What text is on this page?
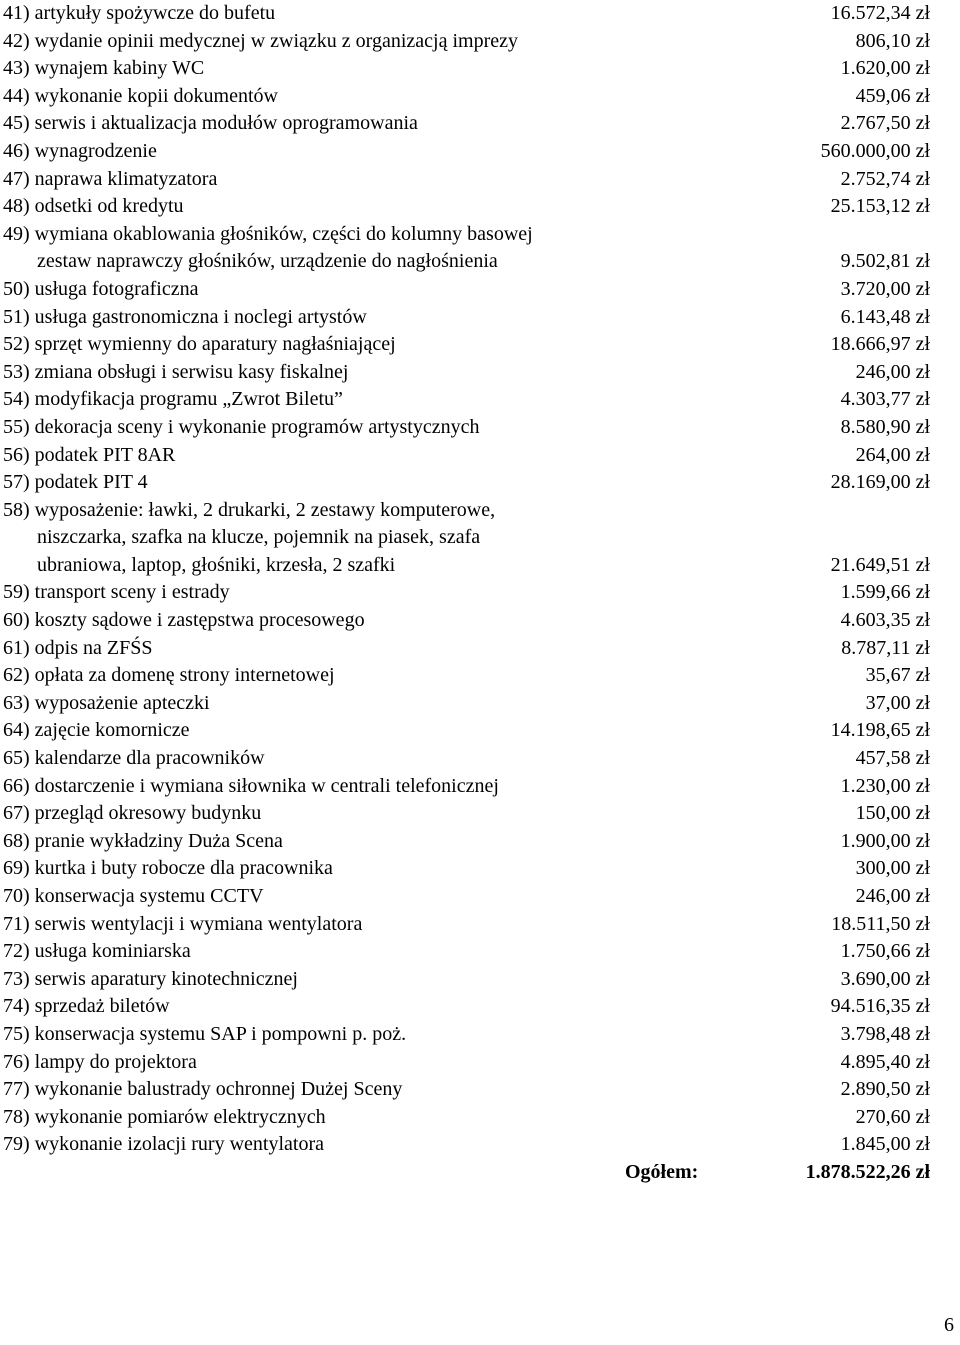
41) artykuły spożywcze do bufetu	16.572,34 zł
42) wydanie opinii medycznej w związku z organizacją imprezy	806,10 zł
43) wynajem kabiny WC	1.620,00 zł
44) wykonanie kopii dokumentów	459,06 zł
45) serwis i aktualizacja modułów oprogramowania	2.767,50 zł
46) wynagrodzenie	560.000,00 zł
47) naprawa klimatyzatora	2.752,74 zł
48) odsetki od kredytu	25.153,12 zł
49) wymiana okablowania głośników, części do kolumny basowej
zestaw naprawczy głośników, urządzenie do nagłośnienia	9.502,81 zł
50) usługa fotograficzna	3.720,00 zł
51) usługa gastronomiczna i noclegi artystów	6.143,48 zł
52) sprzęt wymienny do aparatury nagłaśniającej	18.666,97 zł
53) zmiana obsługi i serwisu kasy fiskalnej	246,00 zł
54) modyfikacja programu „Zwrot Biletu”	4.303,77 zł
55) dekoracja sceny i wykonanie programów artystycznych	8.580,90 zł
56) podatek PIT 8AR	264,00 zł
57) podatek PIT 4	28.169,00 zł
58) wyposażenie: ławki, 2 drukarki, 2 zestawy komputerowe,
niszczarka, szafka na klucze, pojemnik na piasek, szafa
ubraniowa, laptop, głośniki, krzesła, 2 szafki	21.649,51 zł
59) transport sceny i estrady	1.599,66 zł
60) koszty sądowe i zastępstwa procesowego	4.603,35 zł
61) odpis na ZFŚS	8.787,11 zł
62) opłata za domenę strony internetowej	35,67 zł
63) wyposażenie apteczki	37,00 zł
64) zajęcie komornicze	14.198,65 zł
65) kalendarze dla pracowników	457,58 zł
66) dostarczenie i wymiana siłownika w centrali telefonicznej	1.230,00 zł
67) przegląd okresowy budynku	150,00 zł
68) pranie wykładziny Duża Scena	1.900,00 zł
69) kurtka i buty robocze dla pracownika	300,00 zł
70) konserwacja systemu CCTV	246,00 zł
71) serwis wentylacji i wymiana wentylatora	18.511,50 zł
72) usługa kominiarska	1.750,66 zł
73) serwis aparatury kinotechnicznej	3.690,00 zł
74) sprzedaż biletów	94.516,35 zł
75) konserwacja systemu SAP i pompowni p. poż.	3.798,48 zł
76) lampy do projektora	4.895,40 zł
77) wykonanie balustrady ochronnej Dużej Sceny	2.890,50 zł
78) wykonanie pomiarów elektrycznych	270,60 zł
79) wykonanie izolacji rury wentylatora	1.845,00 zł
Ogółem:	1.878.522,26 zł
6
